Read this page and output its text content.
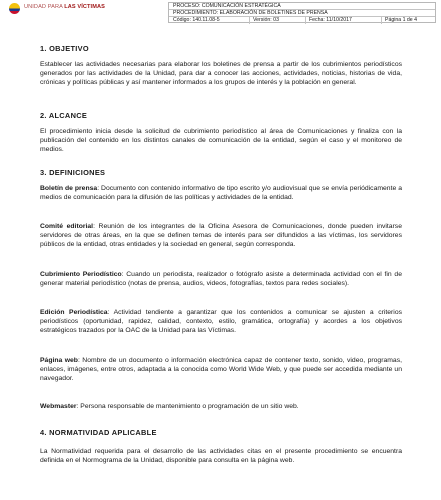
UNIDAD PARA LAS VÍCTIMAS	PROCESO: COMUNICACIÓN ESTRATÉGICA
PROCEDIMIENTO: ELABORACIÓN DE BOLETINES DE PRENSA
Código: 140.11.08-5	Versión: 03	Fecha: 11/10/2017	Página 1 de 4
1. OBJETIVO
Establecer las actividades necesarias para elaborar los boletines de prensa a partir de los cubrimientos periodísticos generados por las actividades de la Unidad, para dar a conocer las acciones, actividades, noticias, historias de vida, crónicas y políticas públicas y así mantener informados a los grupos de interés y la población en general.
2. ALCANCE
El procedimiento inicia desde la solicitud de cubrimiento periodístico al área de Comunicaciones y finaliza con la publicación del contenido en los distintos canales de comunicación de la entidad, según el caso y el monitoreo de medios.
3. DEFINICIONES
Boletín de prensa: Documento con contenido informativo de tipo escrito y/o audiovisual que se envía periódicamente a medios de comunicación para la difusión de las políticas y actividades de la entidad.
Comité editorial: Reunión de los integrantes de la Oficina Asesora de Comunicaciones, donde pueden invitarse servidores de otras áreas, en la que se definen temas de interés para ser difundidos a las víctimas, los servidores públicos de la entidad, otras entidades y la sociedad en general, según corresponda.
Cubrimiento Periodístico: Cuando un periodista, realizador o fotógrafo asiste a determinada actividad con el fin de generar material periodístico (notas de prensa, audios, videos, fotografías, textos para redes sociales).
Edición Periodística: Actividad tendiente a garantizar que los contenidos a comunicar se ajusten a criterios periodísticos (oportunidad, rapidez, calidad, contexto, estilo, gramática, ortografía) y acordes a los objetivos estratégicos trazados por la OAC de la Unidad para las Víctimas.
Página web: Nombre de un documento o información electrónica capaz de contener texto, sonido, video, programas, enlaces, imágenes, entre otros, adaptada a la conocida como World Wide Web, y que puede ser accedida mediante un navegador.
Webmaster: Persona responsable de mantenimiento o programación de un sitio web.
4. NORMATIVIDAD APLICABLE
La Normatividad requerida para el desarrollo de las actividades citas en el presente procedimiento se encuentra definida en el Normograma de la Unidad, disponible para consulta en la página web.
